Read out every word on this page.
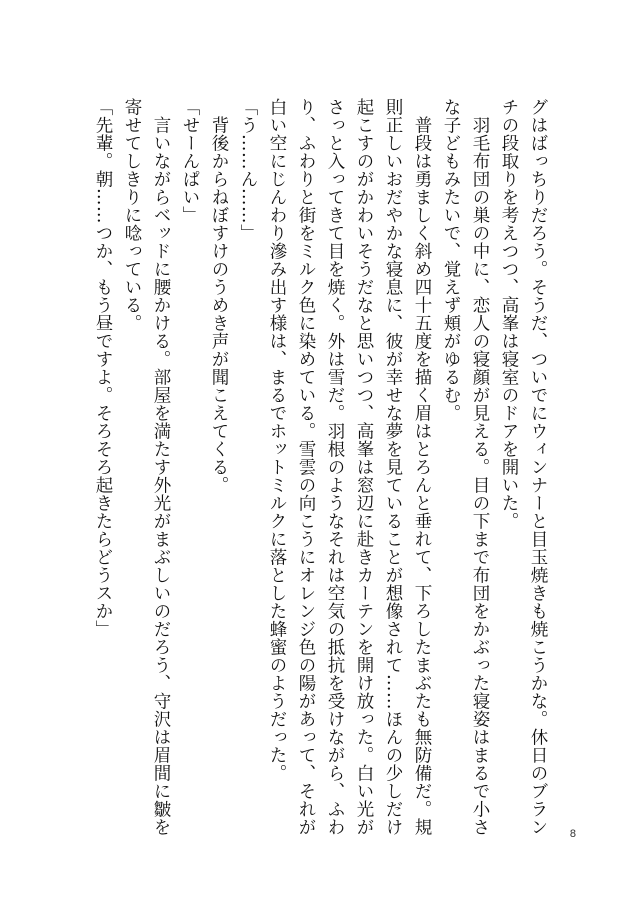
グはばっちりだろう。そうだ、ついでにウィンナーと目玉焼きも焼こうかな。休日のブラン
チの段取りを考えつつ、高峯は寝室のドアを開いた。
　羽毛布団の巣の中に、恋人の寝顔が見える。目の下まで布団をかぶった寝姿はまるで小さ
な子どもみたいで、覚えず頬がゆるむ。
　普段は勇ましく斜め四十五度を描く眉はとろんと垂れて、下ろしたまぶたも無防備だ。規
則正しいおだやかな寝息に、彼が幸せな夢を見ていることが想像されて……ほんの少しだけ
起こすのがかわいそうだなと思いつつ、高峯は窓辺に赴きカーテンを開け放った。白い光が
さっと入ってきて目を焼く。外は雪だ。羽根のようなそれは空気の抵抗を受けながら、ふわ
り、ふわりと街をミルク色に染めている。雪雲の向こうにオレンジ色の陽があって、それが
白い空にじんわり滲み出す様は、まるでホットミルクに落とした蜂蜜のようだった。
「う……ん……」
　背後からねぼすけのうめき声が聞こえてくる。
「せーんぱい」
　言いながらベッドに腰かける。部屋を満たす外光がまぶしいのだろう、守沢は眉間に皺を
寄せてしきりに唸っている。
「先輩。朝……つか、もう昼ですよ。そろそろ起きたらどうスか」
8
